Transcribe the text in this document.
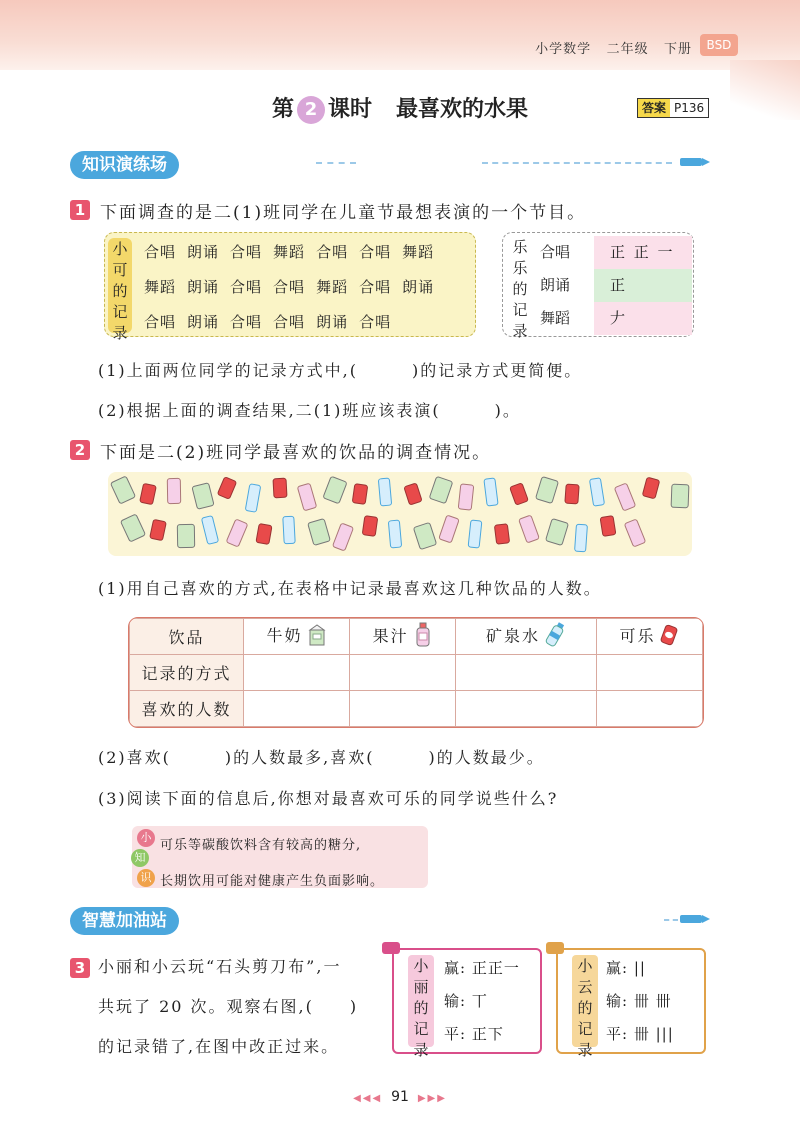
小学数学 二年级 下册	BSD
第 2 课时 最喜欢的水果	答案 P136
知识演练场
1 下面调查的是二(1)班同学在儿童节最想表演的一个节目。
小
可
的
记
录
合唱 朗诵 合唱 舞蹈 合唱 合唱 舞蹈
舞蹈 朗诵 合唱 合唱 舞蹈 合唱 朗诵
合唱 朗诵 合唱 合唱 朗诵 合唱
乐
乐
的
记
录
合唱	正 正 一
朗诵	正
舞蹈	𠂇
(1)上面两位同学的记录方式中,(　　　)的记录方式更简便。
(2)根据上面的调查结果,二(1)班应该表演(　　　)。
2 下面是二(2)班同学最喜欢的饮品的调查情况。
(1)用自己喜欢的方式,在表格中记录最喜欢这几种饮品的人数。
饮品	牛奶	果汁	矿泉水	可乐
记录的方式				
喜欢的人数				
(2)喜欢(　　　)的人数最多,喜欢(　　　)的人数最少。
(3)阅读下面的信息后,你想对最喜欢可乐的同学说些什么?
小
知
识
可乐等碳酸饮料含有较高的糖分,
长期饮用可能对健康产生负面影响。
智慧加油站
3 小丽和小云玩“石头剪刀布”,一
共玩了 20 次。观察右图,(　　)
的记录错了,在图中改正过来。
小
丽
的
记
录
赢: 正正一
输: 丅
平: 正下
小
云
的
记
录
赢: ||
输: 卌 卌
平: 卌 |||
◀◀◀ 91 ▶▶▶
